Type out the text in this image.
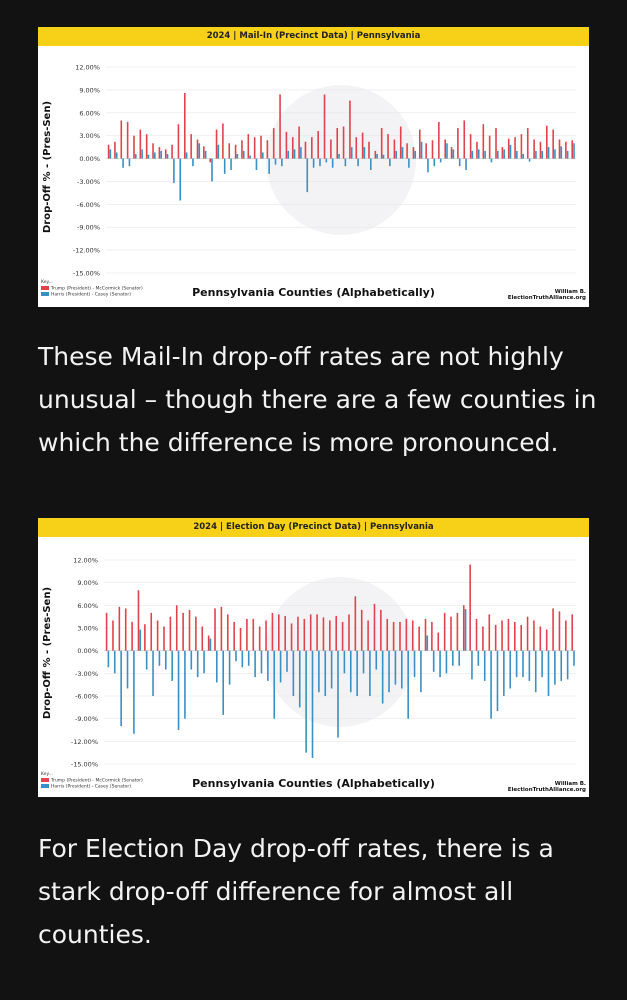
2024 | Mail-In (Precinct Data) | Pennsylvania
12.00%
9.00%
6.00%
3.00%
0.00%
-3.00%
-6.00%
-9.00%
-12.00%
-15.00%
Drop-Off % - (Pres-Sen)
Pennsylvania Counties (Alphabetically)
Key...
Trump (President) - McCormick (Senator)
Harris (President) - Casey (Senator)	William B.
ElectionTruthAlliance.org

These Mail-In drop-off rates are not highly unusual – though there are a few counties in which the difference is more pronounced.

2024 | Election Day (Precinct Data) | Pennsylvania
12.00%
9.00%
6.00%
3.00%
0.00%
-3.00%
-6.00%
-9.00%
-12.00%
-15.00%
Drop-Off % - (Pres-Sen)
Pennsylvania Counties (Alphabetically)
Key...
Trump (President) - McCormick (Senator)
Harris (President) - Casey (Senator)	William B.
ElectionTruthAlliance.org

For Election Day drop-off rates, there is a stark drop-off difference for almost all counties.
